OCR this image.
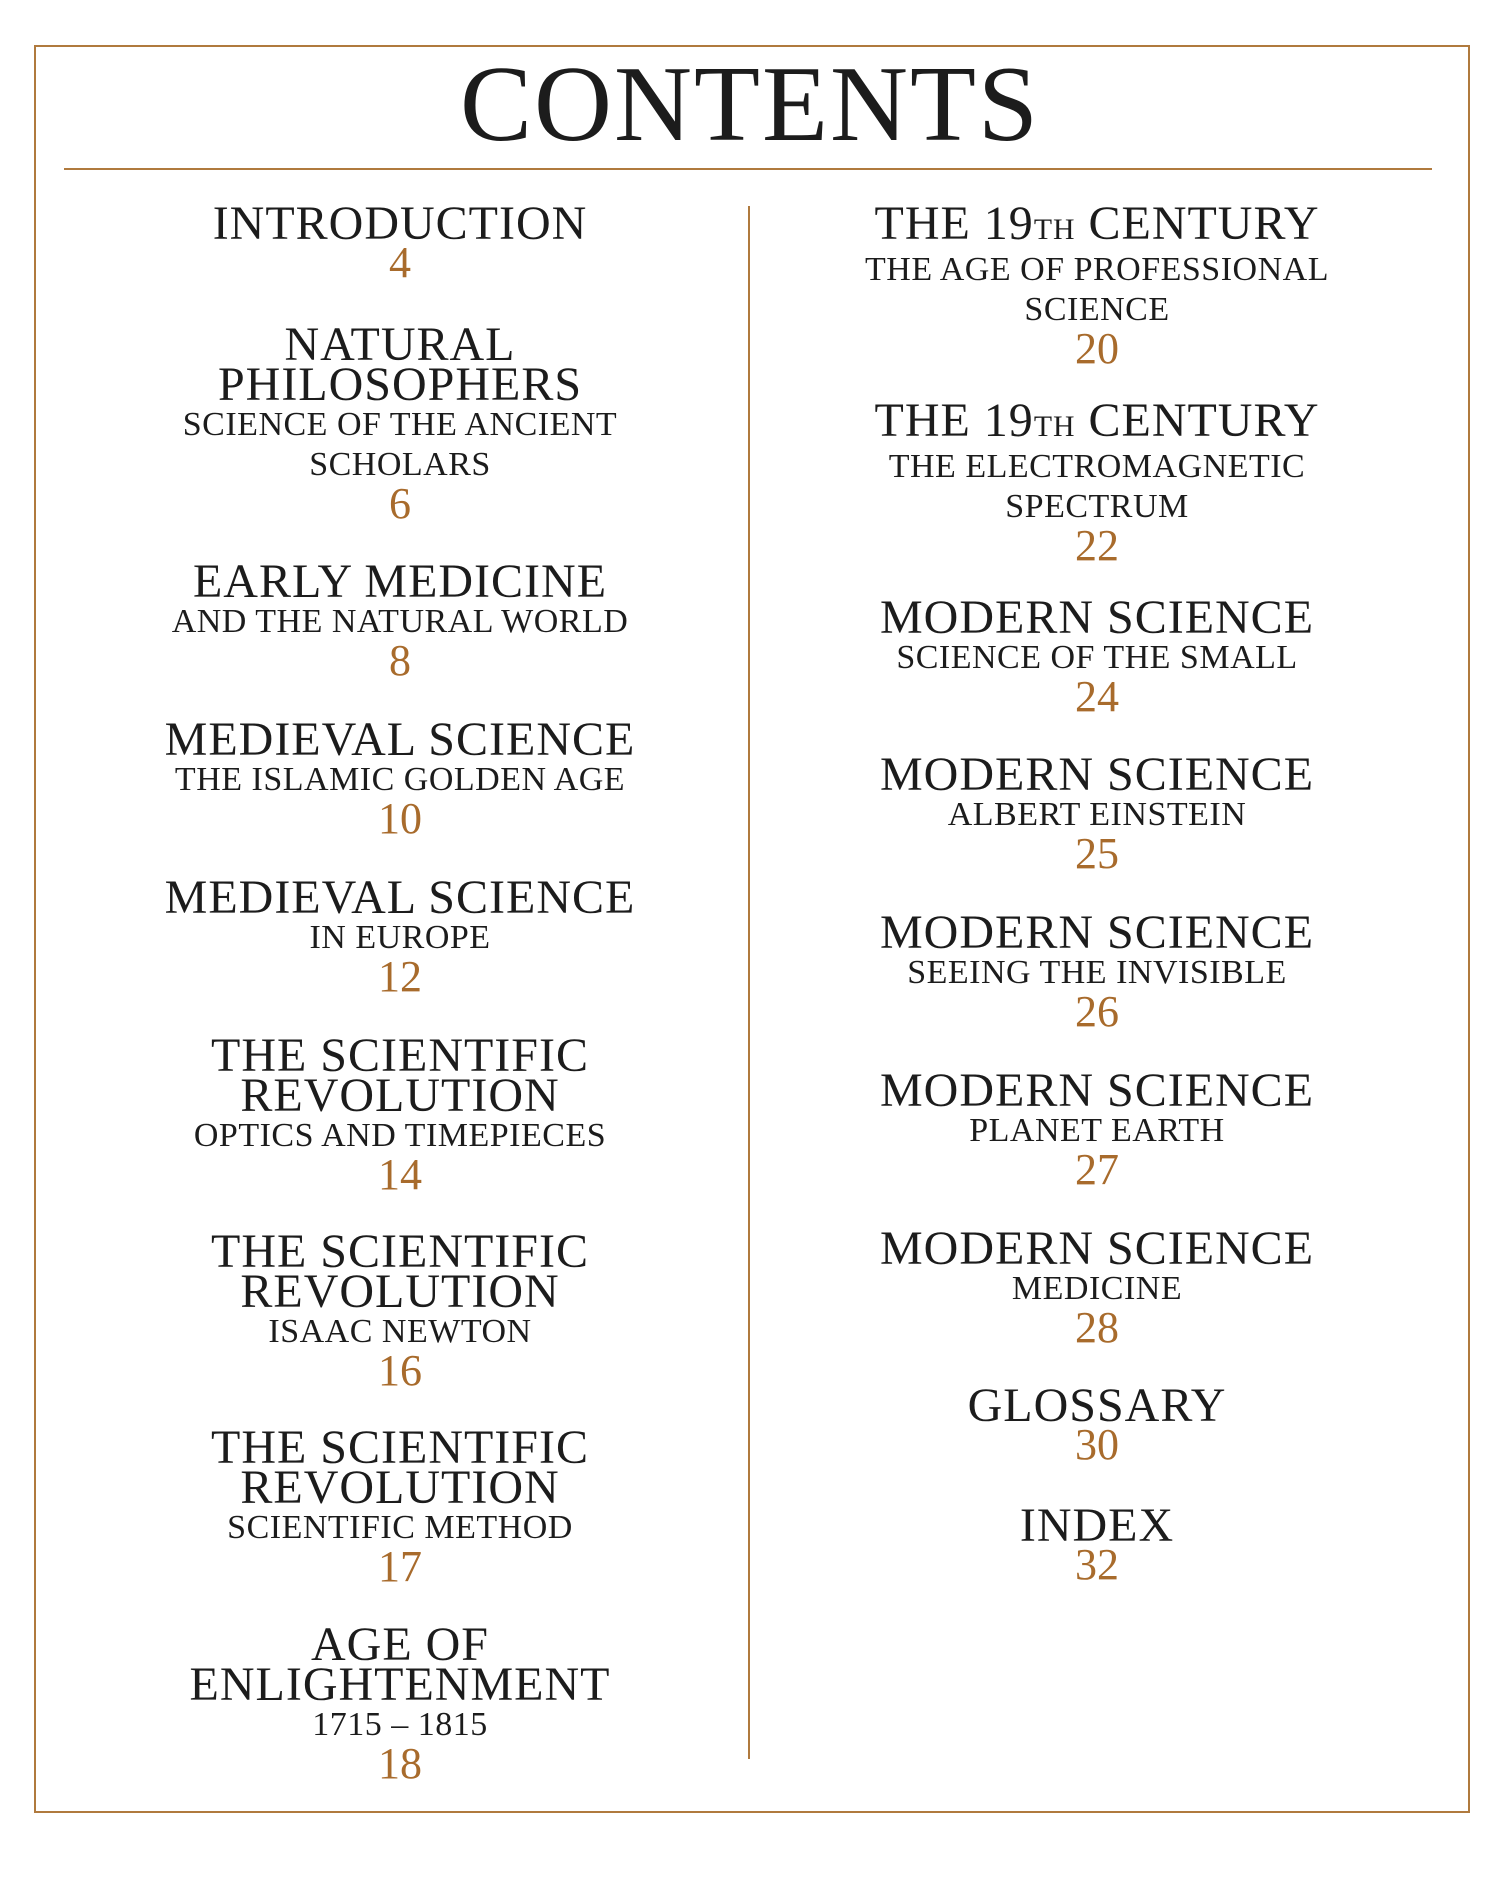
CONTENTS
INTRODUCTION
4
NATURAL
PHILOSOPHERS
SCIENCE OF THE ANCIENT
SCHOLARS
6
EARLY MEDICINE
AND THE NATURAL WORLD
8
MEDIEVAL SCIENCE
THE ISLAMIC GOLDEN AGE
10
MEDIEVAL SCIENCE
IN EUROPE
12
THE SCIENTIFIC
REVOLUTION
OPTICS AND TIMEPIECES
14
THE SCIENTIFIC
REVOLUTION
ISAAC NEWTON
16
THE SCIENTIFIC
REVOLUTION
SCIENTIFIC METHOD
17
AGE OF
ENLIGHTENMENT
1715 – 1815
18
THE 19TH CENTURY
THE AGE OF PROFESSIONAL
SCIENCE
20
THE 19TH CENTURY
THE ELECTROMAGNETIC
SPECTRUM
22
MODERN SCIENCE
SCIENCE OF THE SMALL
24
MODERN SCIENCE
ALBERT EINSTEIN
25
MODERN SCIENCE
SEEING THE INVISIBLE
26
MODERN SCIENCE
PLANET EARTH
27
MODERN SCIENCE
MEDICINE
28
GLOSSARY
30
INDEX
32
